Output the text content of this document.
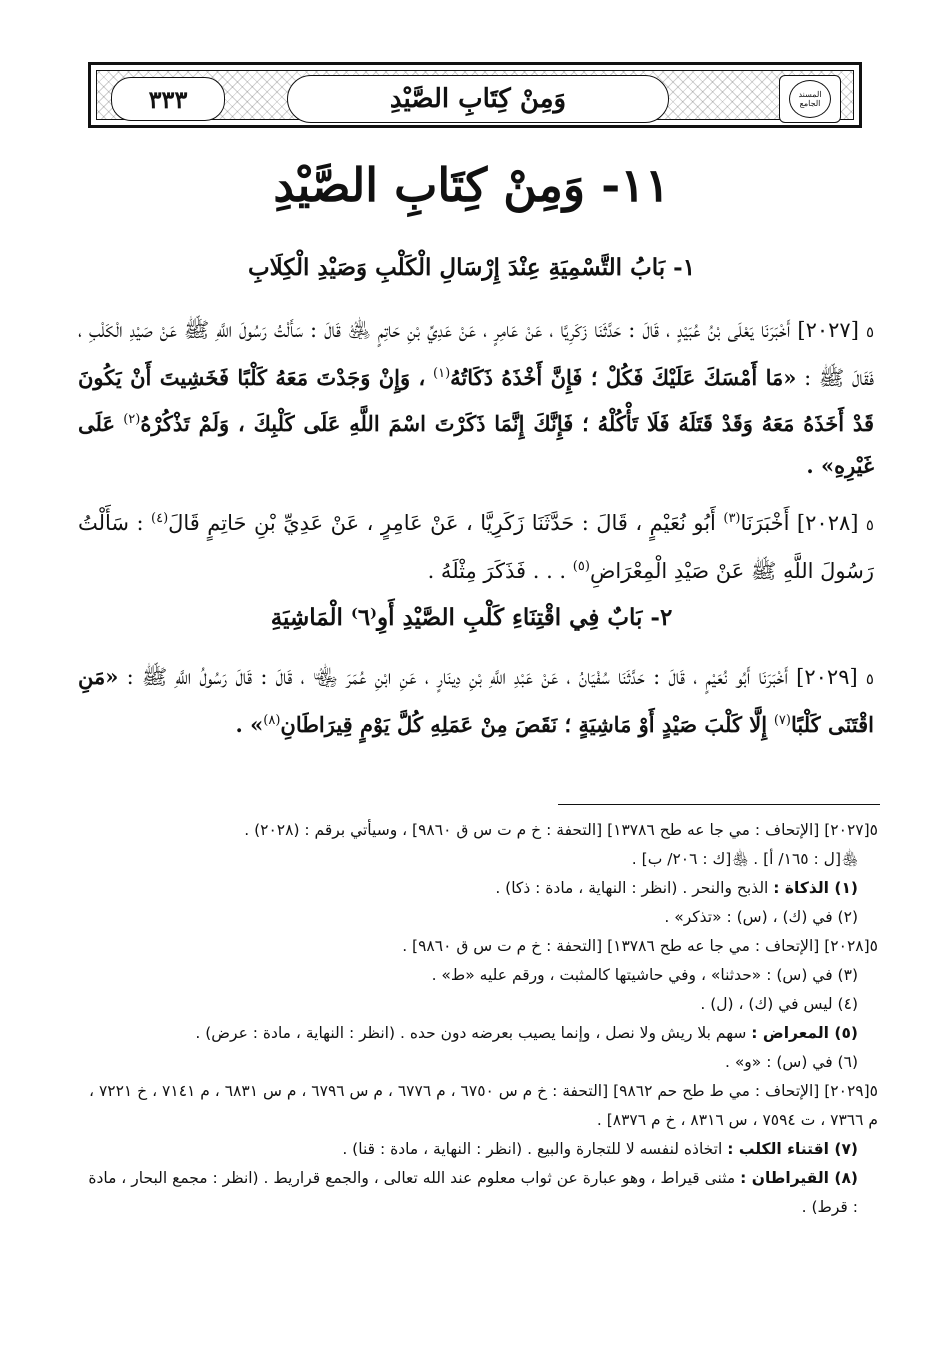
٣٣٣	وَمِنْ كِتَابِ الصَّيْدِ	المسند الجامع
١١- وَمِنْ كِتَابِ الصَّيْدِ
١- بَابُ التَّسْمِيَةِ عِنْدَ إِرْسَالِ الْكَلْبِ وَصَيْدِ الْكِلَابِ
٥ [٢٠٢٧] أَخْبَرَنَا يَعْلَى بْنُ عُبَيْدٍ ، قَالَ : حَدَّثَنَا زَكَرِيَّا ، عَنْ عَامِرٍ ، عَنْ عَدِيِّ بْنِ حَاتِمٍ ﵁ قَالَ : سَأَلْتُ رَسُولَ اللَّهِ ﷺ عَنْ صَيْدِ الْكَلْبِ ، فَقَالَ ﷺ : «مَا أَمْسَكَ عَلَيْكَ فَكُلْ ؛ فَإِنَّ أَخْذَهُ ذَكَاتُهُ$^{(١)}$ ، وَإِنْ وَجَدْتَ مَعَهُ كَلْبًا فَخَشِيتَ أَنْ يَكُونَ قَدْ أَخَذَهُ مَعَهُ وَقَدْ قَتَلَهُ فَلَا تَأْكُلْهُ ؛ فَإِنَّكَ إِنَّمَا ذَكَرْتَ اسْمَ اللَّهِ عَلَى كَلْبِكَ ، وَلَمْ تَذْكُرْهُ$^{(٢)}$ عَلَى غَيْرِهِ» .
٥ [٢٠٢٨] أَخْبَرَنَا$^{(٣)}$ أَبُو نُعَيْمٍ ، قَالَ : حَدَّثَنَا زَكَرِيَّا ، عَنْ عَامِرٍ ، عَنْ عَدِيِّ بْنِ حَاتِمٍ قَالَ$^{(٤)}$ : سَأَلْتُ رَسُولَ اللَّهِ ﷺ عَنْ صَيْدِ الْمِعْرَاضِ$^{(٥)}$ . . . فَذَكَرَ مِثْلَهُ .
٢- بَابٌ فِي اقْتِنَاءِ كَلْبِ الصَّيْدِ أَوِ⁽٦⁾ الْمَاشِيَةِ
٥ [٢٠٢٩] أَخْبَرَنَا أَبُو نُعَيْمٍ ، قَالَ : حَدَّثَنَا سُفْيَانُ ، عَنْ عَبْدِ اللَّهِ بْنِ دِينَارٍ ، عَنِ ابْنِ عُمَرَ ﵄ ، قَالَ : قَالَ رَسُولُ اللَّهِ ﷺ : «مَنِ اقْتَنَى كَلْبًا$^{(٧)}$ إِلَّا كَلْبَ صَيْدٍ أَوْ مَاشِيَةٍ ؛ نَقَصَ مِنْ عَمَلِهِ كُلَّ يَوْمٍ قِيرَاطَانِ$^{(٨)}$» .

٥[٢٠٢٧] [الإتحاف : مي جا عه طح ١٣٧٨٦] [التحفة : خ م ت س ق ٩٨٦٠] ، وسيأتي برقم : (٢٠٢٨) .

﵃[ل : ١٦٥/ أ] . ﵃[ك : ٢٠٦/ ب] .

(١) الذكاة : الذبح والنحر . (انظر : النهاية ، مادة : ذكا) .

(٢) في (ك) ، (س) : «تذكر» .

٥[٢٠٢٨] [الإتحاف : مي جا عه طح ١٣٧٨٦] [التحفة : خ م ت س ق ٩٨٦٠] .

(٣) في (س) : «حدثنا» ، وفي حاشيتها كالمثبت ، ورقم عليه «ط» .

(٤) ليس في (ك) ، (ل) .

(٥) المعراض : سهم بلا ريش ولا نصل ، وإنما يصيب بعرضه دون حده . (انظر : النهاية ، مادة : عرض) .

(٦) في (س) : «و» .

٥[٢٠٢٩] [الإتحاف : مي ط طح حم ٩٨٦٢] [التحفة : خ م س ٦٧٥٠ ، م ٦٧٧٦ ، م س ٦٧٩٦ ، م س ٦٨٣١ ، م ٧١٤١ ، خ ٧٢٢١ ، م ٧٣٦٦ ، ت ٧٥٩٤ ، س ٨٣١٦ ، خ م ٨٣٧٦] .

(٧) اقتناء الكلب : اتخاذه لنفسه لا للتجارة والبيع . (انظر : النهاية ، مادة : قنا) .

(٨) القيراطان : مثنى قيراط ، وهو عبارة عن ثواب معلوم عند الله تعالى ، والجمع قراريط . (انظر : مجمع البحار ، مادة : قرط) .
